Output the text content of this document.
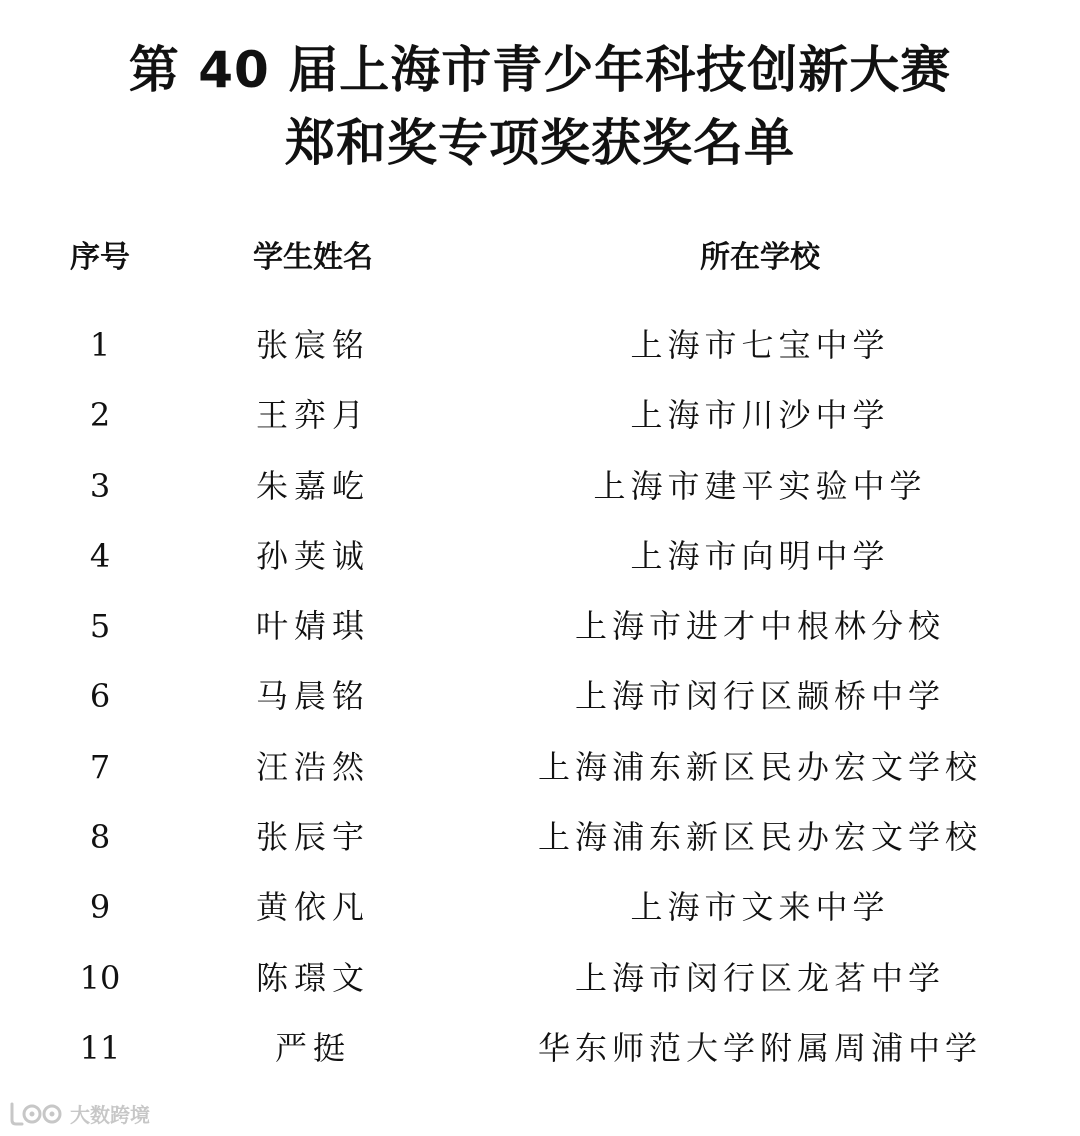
第 40 届上海市青少年科技创新大赛
郑和奖专项奖获奖名单
序号	学生姓名	所在学校
1	张宸铭	上海市七宝中学
2	王弈月	上海市川沙中学
3	朱嘉屹	上海市建平实验中学
4	孙荚诚	上海市向明中学
5	叶婧琪	上海市进才中根林分校
6	马晨铭	上海市闵行区颛桥中学
7	汪浩然	上海浦东新区民办宏文学校
8	张辰宇	上海浦东新区民办宏文学校
9	黄依凡	上海市文来中学
10	陈璟文	上海市闵行区龙茗中学
11	严挺	华东师范大学附属周浦中学
大数跨境
